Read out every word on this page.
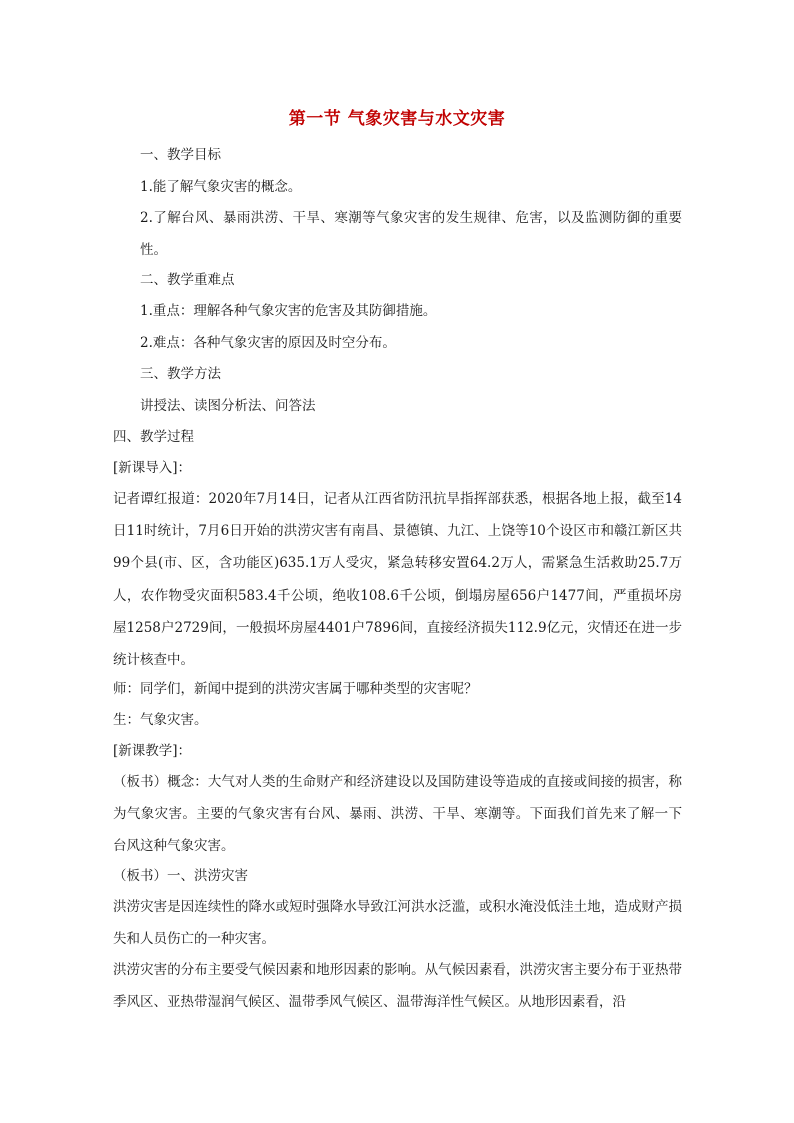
第一节 气象灾害与水文灾害
一、教学目标
1.能了解气象灾害的概念。
2.了解台风、暴雨洪涝、干旱、寒潮等气象灾害的发生规律、危害，以及监测防御的重要性。
二、教学重难点
1.重点：理解各种气象灾害的危害及其防御措施。
2.难点：各种气象灾害的原因及时空分布。
三、教学方法
讲授法、读图分析法、问答法
四、教学过程
[新课导入]：
记者谭红报道：2020年7月14日，记者从江西省防汛抗旱指挥部获悉，根据各地上报，截至14日11时统计，7月6日开始的洪涝灾害有南昌、景德镇、九江、上饶等10个设区市和赣江新区共99个县(市、区，含功能区)635.1万人受灾，紧急转移安置64.2万人，需紧急生活救助25.7万人，农作物受灾面积583.4千公顷，绝收108.6千公顷，倒塌房屋656户1477间，严重损坏房屋1258户2729间，一般损坏房屋4401户7896间，直接经济损失112.9亿元，灾情还在进一步统计核查中。
师：同学们，新闻中提到的洪涝灾害属于哪种类型的灾害呢？
生：气象灾害。
[新课教学]：
（板书）概念：大气对人类的生命财产和经济建设以及国防建设等造成的直接或间接的损害，称为气象灾害。主要的气象灾害有台风、暴雨、洪涝、干旱、寒潮等。下面我们首先来了解一下 台风这种气象灾害。
（板书）一、洪涝灾害
洪涝灾害是因连续性的降水或短时强降水导致江河洪水泛滥，或积水淹没低洼土地，造成财产损失和人员伤亡的一种灾害。
洪涝灾害的分布主要受气候因素和地形因素的影响。从气候因素看，洪涝灾害主要分布于亚热带季风区、亚热带湿润气候区、温带季风气候区、温带海洋性气候区。从地形因素看，沿
